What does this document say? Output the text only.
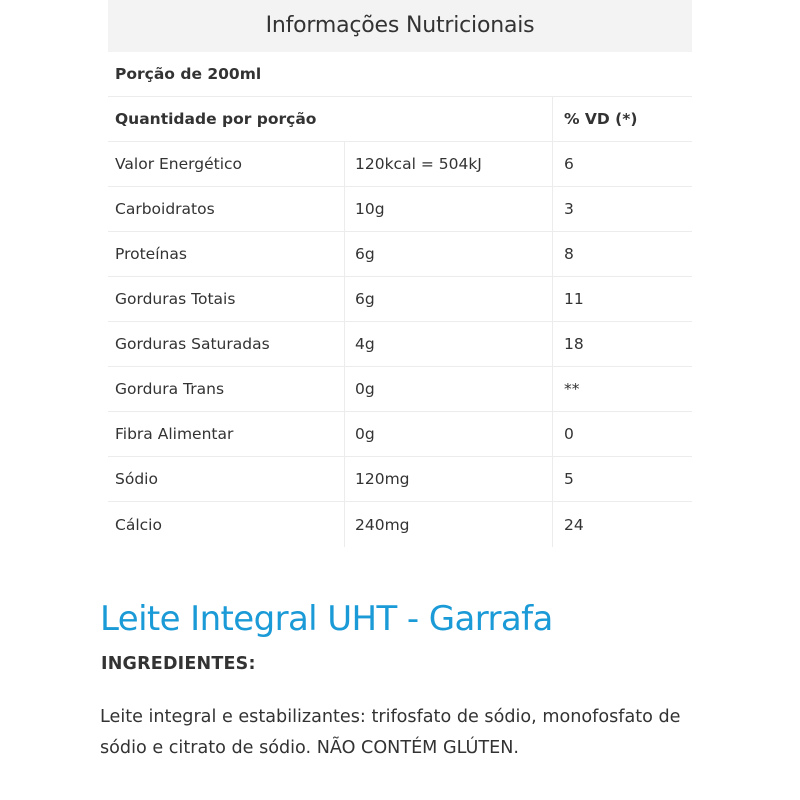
Informações Nutricionais
Porção de 200ml
Quantidade por porção	% VD (*)
Valor Energético	120kcal = 504kJ	6
Carboidratos	10g	3
Proteínas	6g	8
Gorduras Totais	6g	11
Gorduras Saturadas	4g	18
Gordura Trans	0g	**
Fibra Alimentar	0g	0
Sódio	120mg	5
Cálcio	240mg	24
Leite Integral UHT - Garrafa
INGREDIENTES:

Leite integral e estabilizantes: trifosfato de sódio, monofosfato de sódio e citrato de sódio. NÃO CONTÉM GLÚTEN.
